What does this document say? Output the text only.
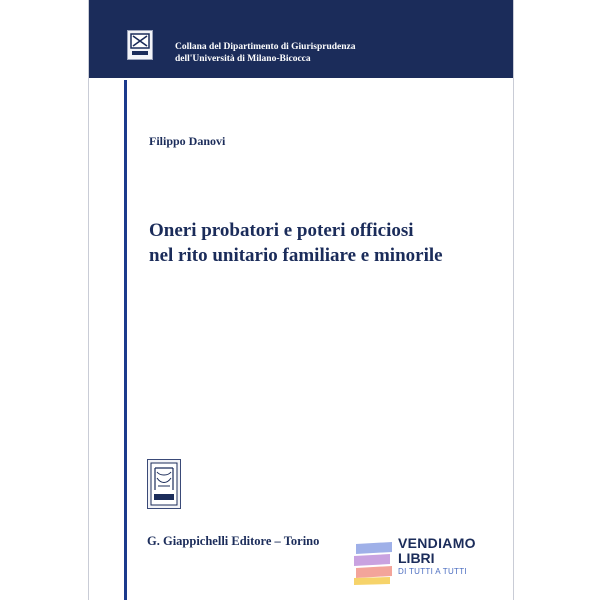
Collana del Dipartimento di Giurisprudenza
dell'Università di Milano-Bicocca
Filippo Danovi
Oneri probatori e poteri officiosi
nel rito unitario familiare e minorile
G. Giappichelli Editore – Torino	VENDIAMO
LIBRI
DI TUTTI A TUTTI
